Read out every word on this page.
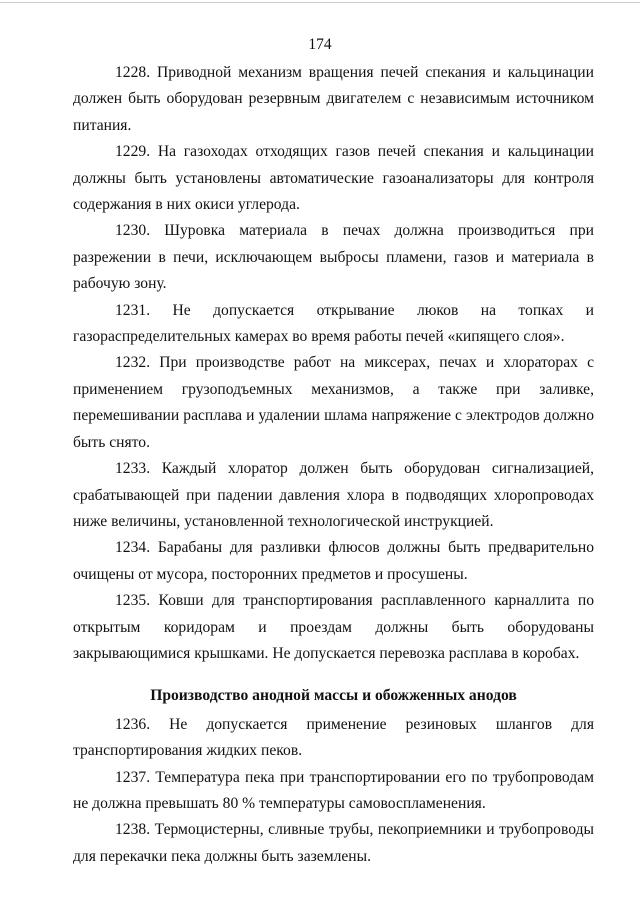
174

1228. Приводной механизм вращения печей спекания и кальцинации должен быть оборудован резервным двигателем с независимым источником питания.

1229. На газоходах отходящих газов печей спекания и кальцинации должны быть установлены автоматические газоанализаторы для контроля содержания в них окиси углерода.

1230. Шуровка материала в печах должна производиться при разрежении в печи, исключающем выбросы пламени, газов и материала в рабочую зону.

1231. Не допускается открывание люков на топках и газораспределительных камерах во время работы печей «кипящего слоя».

1232. При производстве работ на миксерах, печах и хлораторах с применением грузоподъемных механизмов, а также при заливке, перемешивании расплава и удалении шлама напряжение с электродов должно быть снято.

1233. Каждый хлоратор должен быть оборудован сигнализацией, срабатывающей при падении давления хлора в подводящих хлоропроводах ниже величины, установленной технологической инструкцией.

1234. Барабаны для разливки флюсов должны быть предварительно очищены от мусора, посторонних предметов и просушены.

1235. Ковши для транспортирования расплавленного карналлита по открытым коридорам и проездам должны быть оборудованы закрывающимися крышками. Не допускается перевозка расплава в коробах.

Производство анодной массы и обожженных анодов

1236. Не допускается применение резиновых шлангов для транспортирования жидких пеков.

1237. Температура пека при транспортировании его по трубопроводам не должна превышать 80 % температуры самовоспламенения.

1238. Термоцистерны, сливные трубы, пекоприемники и трубопроводы для перекачки пека должны быть заземлены.
